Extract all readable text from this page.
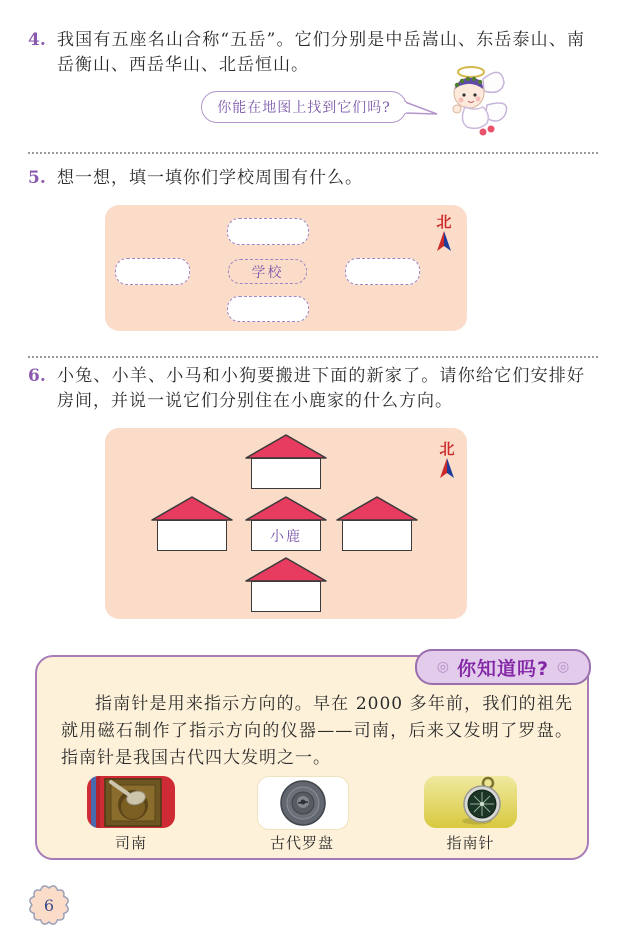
4. 我国有五座名山合称“五岳”。它们分别是中岳嵩山、东岳泰山、南岳衡山、西岳华山、北岳恒山。

你能在地图上找到它们吗?
5. 想一想，填一填你们学校周围有什么。

学校
北
6. 小兔、小羊、小马和小狗要搬进下面的新家了。请你给它们安排好房间，并说一说它们分别住在小鹿家的什么方向。

小鹿
北
◎ 你知道吗? ◎

指南针是用来指示方向的。早在 2000 多年前，我们的祖先就用磁石制作了指示方向的仪器——司南，后来又发明了罗盘。指南针是我国古代四大发明之一。

司南	古代罗盘	指南针
6
